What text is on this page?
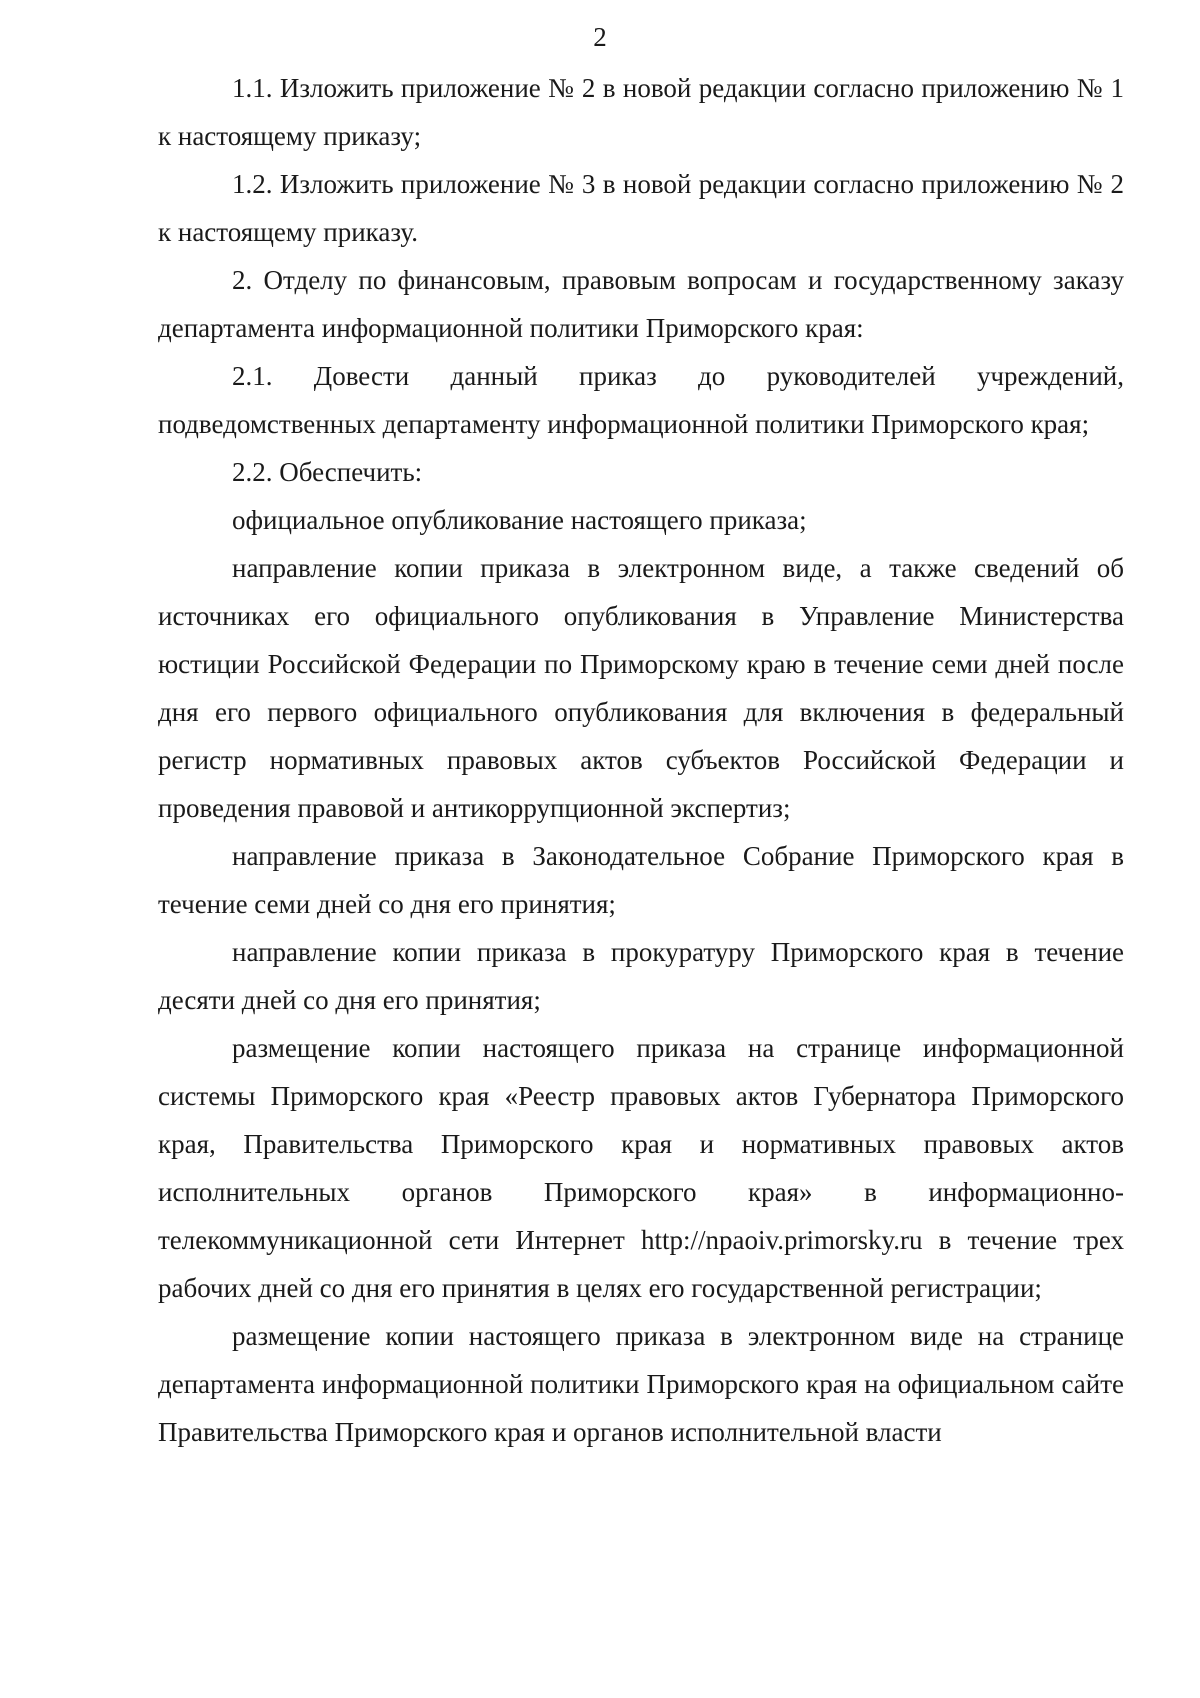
2

1.1. Изложить приложение № 2 в новой редакции согласно приложению № 1 к настоящему приказу;

1.2. Изложить приложение № 3 в новой редакции согласно приложению № 2 к настоящему приказу.

2. Отделу по финансовым, правовым вопросам и государственному заказу департамента информационной политики Приморского края:

2.1. Довести данный приказ до руководителей учреждений, подведомственных департаменту информационной политики Приморского края;

2.2. Обеспечить:

официальное опубликование настоящего приказа;

направление копии приказа в электронном виде, а также сведений об источниках его официального опубликования в Управление Министерства юстиции Российской Федерации по Приморскому краю в течение семи дней после дня его первого официального опубликования для включения в федеральный регистр нормативных правовых актов субъектов Российской Федерации и проведения правовой и антикоррупционной экспертиз;

направление приказа в Законодательное Собрание Приморского края в течение семи дней со дня его принятия;

направление копии приказа в прокуратуру Приморского края в течение десяти дней со дня его принятия;

размещение копии настоящего приказа на странице информационной системы Приморского края «Реестр правовых актов Губернатора Приморского края, Правительства Приморского края и нормативных правовых актов исполнительных органов Приморского края» в информационно-телекоммуникационной сети Интернет http://npaoiv.primorsky.ru в течение трех рабочих дней со дня его принятия в целях его государственной регистрации;

размещение копии настоящего приказа в электронном виде на странице департамента информационной политики Приморского края на официальном сайте Правительства Приморского края и органов исполнительной власти
